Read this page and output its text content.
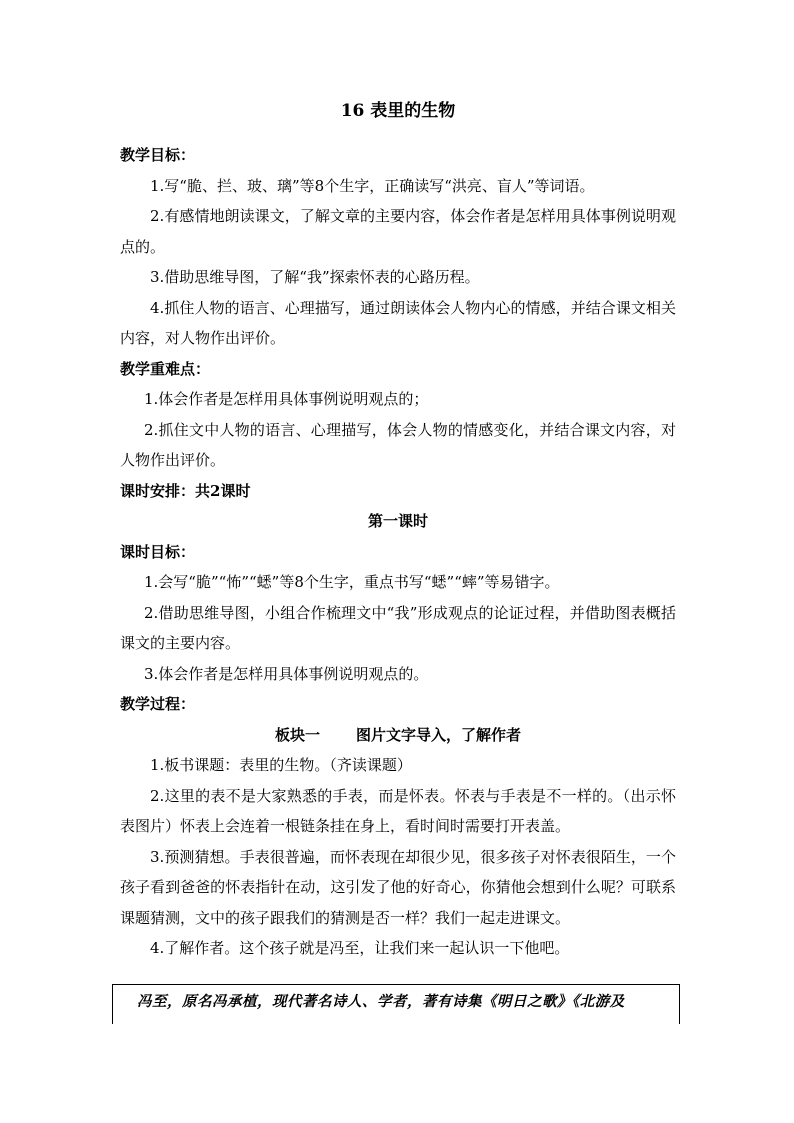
16 表里的生物

教学目标：

1.写“脆、拦、玻、璃”等8个生字，正确读写“洪亮、盲人”等词语。

2.有感情地朗读课文，了解文章的主要内容，体会作者是怎样用具体事例说明观点的。

3.借助思维导图，了解“我”探索怀表的心路历程。

4.抓住人物的语言、心理描写，通过朗读体会人物内心的情感，并结合课文相关内容，对人物作出评价。

教学重难点：

1.体会作者是怎样用具体事例说明观点的；

2.抓住文中人物的语言、心理描写，体会人物的情感变化，并结合课文内容，对人物作出评价。

课时安排：共2课时

第一课时

课时目标：

1.会写“脆”“怖”“蟋”等8个生字，重点书写“蟋”“蟀”等易错字。

2.借助思维导图，小组合作梳理文中“我”形成观点的论证过程，并借助图表概括课文的主要内容。

3.体会作者是怎样用具体事例说明观点的。

教学过程：

板块一 图片文字导入，了解作者

1.板书课题：表里的生物。（齐读课题）

2.这里的表不是大家熟悉的手表，而是怀表。怀表与手表是不一样的。（出示怀表图片）怀表上会连着一根链条挂在身上，看时间时需要打开表盖。

3.预测猜想。手表很普遍，而怀表现在却很少见，很多孩子对怀表很陌生，一个孩子看到爸爸的怀表指针在动，这引发了他的好奇心，你猜他会想到什么呢？可联系课题猜测，文中的孩子跟我们的猜测是否一样？我们一起走进课文。

4.了解作者。这个孩子就是冯至，让我们来一起认识一下他吧。

冯至，原名冯承植，现代著名诗人、学者，著有诗集《明日之歌》《北游及
